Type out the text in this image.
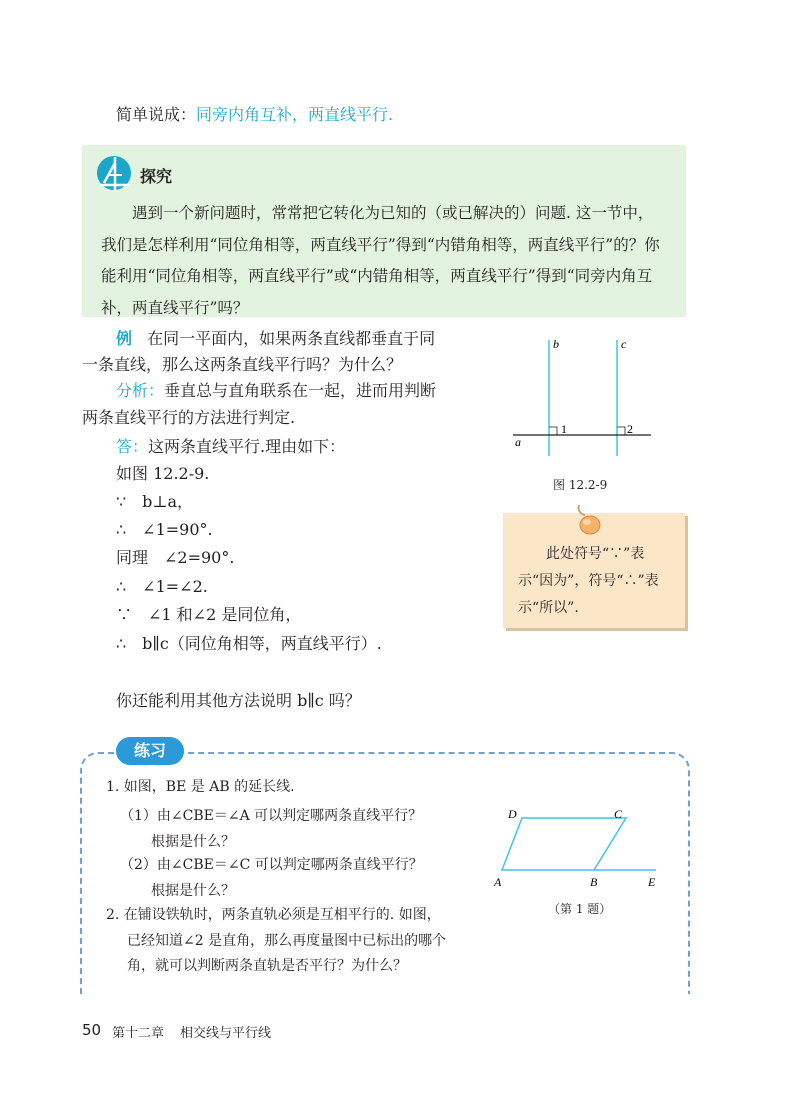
简单说成：同旁内角互补，两直线平行.
探究
遇到一个新问题时，常常把它转化为已知的（或已解决的）问题. 这一节中，我们是怎样利用“同位角相等，两直线平行”得到“内错角相等，两直线平行”的？你能利用“同位角相等，两直线平行”或“内错角相等，两直线平行”得到“同旁内角互补，两直线平行”吗？
例 在同一平面内，如果两条直线都垂直于同
一条直线，那么这两条直线平行吗？为什么？
分析：垂直总与直角联系在一起，进而用判断
两条直线平行的方法进行判定.
答：这两条直线平行.理由如下：
如图 12.2-9.
∵　b⊥a，
∴　∠1=90°.
同理　∠2=90°.
∴　∠1=∠2.
∵　∠1 和∠2 是同位角，
∴　b∥c（同位角相等，两直线平行）.
你还能利用其他方法说明 b∥c 吗？
b	c
a
1	2
图 12.2-9
此处符号“∵”表示“因为”，符号“∴”表示“所以”.
练习
1. 如图，BE 是 AB 的延长线.
（1）由∠CBE＝∠A 可以判定哪两条直线平行？
根据是什么？
（2）由∠CBE＝∠C 可以判定哪两条直线平行？
根据是什么？
2. 在铺设铁轨时，两条直轨必须是互相平行的. 如图，
已经知道∠2 是直角，那么再度量图中已标出的哪个
角，就可以判断两条直轨是否平行？为什么？
D	C
A	B	E
（第 1 题）
50 第十二章 相交线与平行线
